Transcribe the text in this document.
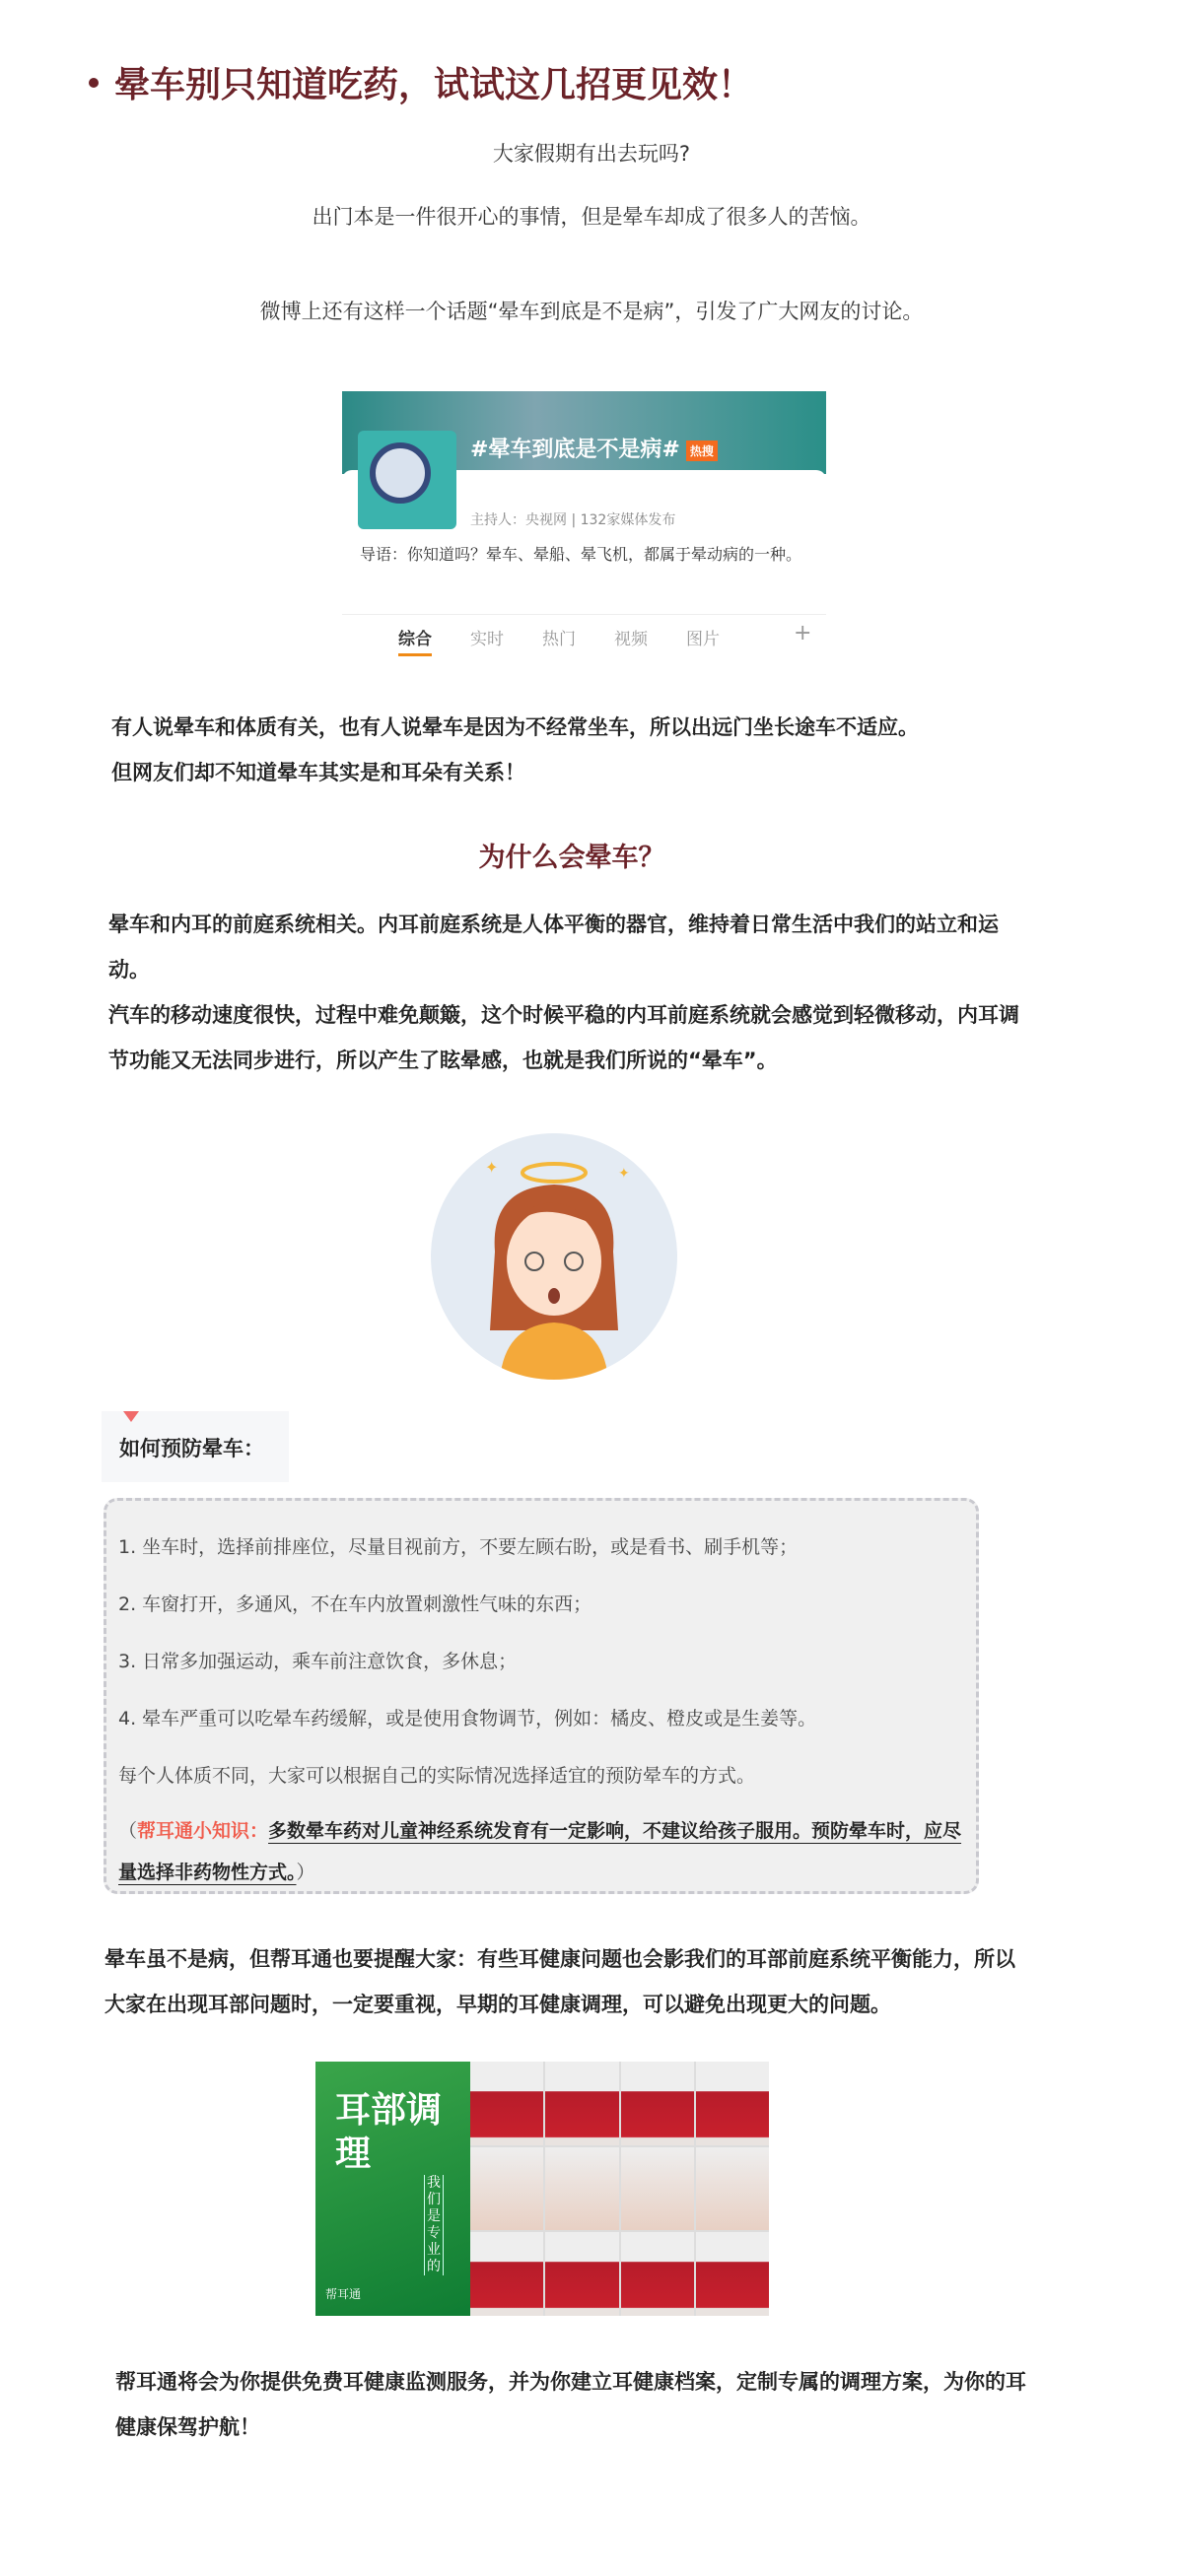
晕车别只知道吃药，试试这几招更见效！
大家假期有出去玩吗?
出门本是一件很开心的事情，但是晕车却成了很多人的苦恼。
微博上还有这样一个话题“晕车到底是不是病”，引发了广大网友的讨论。
#晕车到底是不是病# 热搜
主持人：央视网 | 132家媒体发布
导语：你知道吗？晕车、晕船、晕飞机，都属于晕动病的一种。
综合 实时 热门 视频 图片	+
有人说晕车和体质有关，也有人说晕车是因为不经常坐车，所以出远门坐长途车不适应。
但网友们却不知道晕车其实是和耳朵有关系！
为什么会晕车？
晕车和内耳的前庭系统相关。内耳前庭系统是人体平衡的器官，维持着日常生活中我们的站立和运动。
汽车的移动速度很快，过程中难免颠簸，这个时候平稳的内耳前庭系统就会感觉到轻微移动，内耳调节功能又无法同步进行，所以产生了眩晕感，也就是我们所说的“晕车”。
✦	✦
如何预防晕车：

1. 坐车时，选择前排座位，尽量目视前方，不要左顾右盼，或是看书、刷手机等；

2. 车窗打开，多通风，不在车内放置刺激性气味的东西；

3. 日常多加强运动，乘车前注意饮食，多休息；

4. 晕车严重可以吃晕车药缓解，或是使用食物调节，例如：橘皮、橙皮或是生姜等。

每个人体质不同，大家可以根据自己的实际情况选择适宜的预防晕车的方式。

（帮耳通小知识：多数晕车药对儿童神经系统发育有一定影响，不建议给孩子服用。预防晕车时，应尽量选择非药物性方式。）

晕车虽不是病，但帮耳通也要提醒大家：有些耳健康问题也会影我们的耳部前庭系统平衡能力，所以大家在出现耳部问题时，一定要重视，早期的耳健康调理，可以避免出现更大的问题。
耳部调理
我们是专业的
帮耳通
帮耳通将会为你提供免费耳健康监测服务，并为你建立耳健康档案，定制专属的调理方案，为你的耳健康保驾护航！
